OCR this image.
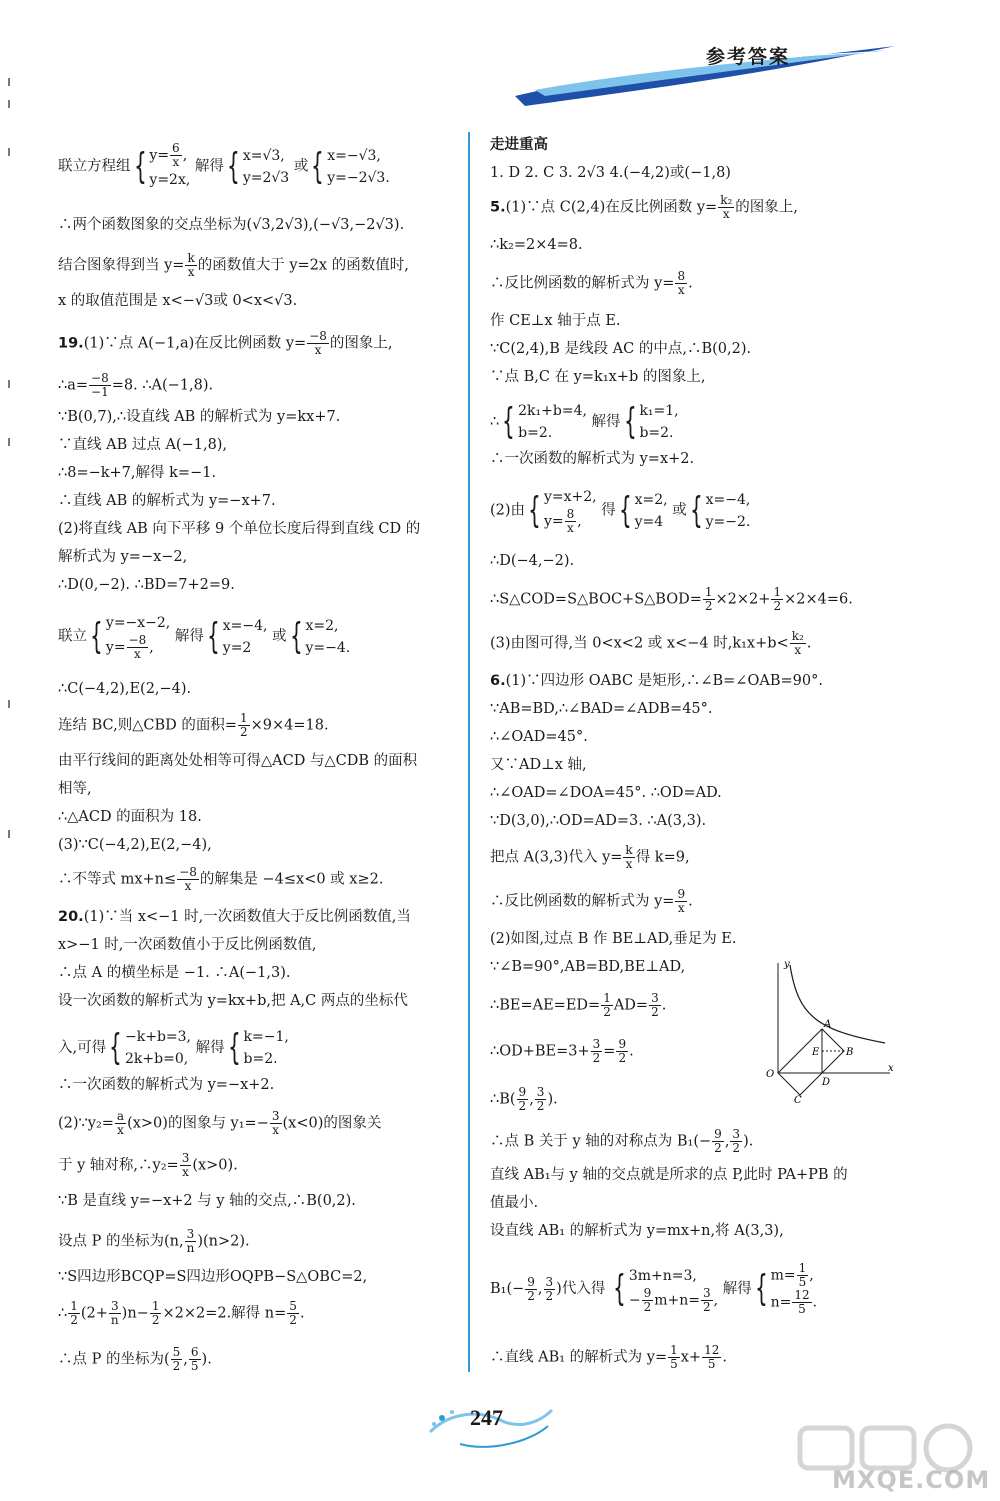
参考答案
联立方程组 { $y= \frac{6}{x}$ ,
y=2x,
解得 { x=√3,
y=2√3
或 { x=−√3,
y=−2√3.
∴两个函数图象的交点坐标为(√3,2√3),(−√3,−2√3).
结合图象得到当 $y= \frac{k}{x}$ 的函数值大于 y=2x 的函数值时,
x 的取值范围是 x<−√3或 0<x<√3.
19.(1)∵点 A(−1,a)在反比例函数 $y= \frac{-8}{x}$ 的图象上,
∴a= $\frac{-8}{-1} =8$. ∴A(−1,8).
∵B(0,7),∴设直线 AB 的解析式为 y=kx+7.
∵直线 AB 过点 A(−1,8),
∴8=−k+7,解得 k=−1.
∴直线 AB 的解析式为 y=−x+7.
(2)将直线 AB 向下平移 9 个单位长度后得到直线 CD 的
解析式为 y=−x−2,
∴D(0,−2). ∴BD=7+2=9.
联立 { y=−x−2,
$y= \frac{-8}{x}$ ,
解得 { x=−4,
y=2
或 { x=2,
y=−4.
∴C(−4,2),E(2,−4).
连结 BC,则△CBD 的面积= $\frac{1}{2} \times 9\times 4=18$.
由平行线间的距离处处相等可得△ACD 与△CDB 的面积
相等,
∴△ACD 的面积为 18.
(3)∵C(−4,2),E(2,−4),
∴不等式 $mx+n\le \frac{-8}{x}$ 的解集是 −4≤x<0 或 x≥2.
20.(1)∵当 x<−1 时,一次函数值大于反比例函数值,当
x>−1 时,一次函数值小于反比例函数值,
∴点 A 的横坐标是 −1. ∴A(−1,3).
设一次函数的解析式为 y=kx+b,把 A,C 两点的坐标代
入,可得 { −k+b=3,
2k+b=0,
解得 { k=−1,
b=2.
∴一次函数的解析式为 y=−x+2.
(2)∵y₂= $\frac{a}{x} (x>0)$的图象与 $y_1=- \frac{3}{x} (x<0)$的图象关
于 y 轴对称,∴y₂= $\frac{3}{x} (x>0)$.
∵B 是直线 y=−x+2 与 y 轴的交点,∴B(0,2).
设点 P 的坐标为(n, $\frac{3}{n} )(n>2)$.
∵S四边形BCQP=S四边形OQPB−S△OBC=2,
∴ $\frac{1}{2} (2+ \frac{3}{n} )n- \frac{1}{2} \times 2\times 2=2$.解得 $n= \frac{5}{2}$ .
∴点 P 的坐标为( $\frac{5}{2}$ , $\frac{6}{5}$ ).
走进重高
1. D 2. C 3. 2√3 4.(−4,2)或(−1,8)
5.(1)∵点 C(2,4)在反比例函数 $y= \frac{\text{k₂}}{x}$ 的图象上,
∴k₂=2×4=8.
∴反比例函数的解析式为 $y= \frac{8}{x}$ .
作 CE⊥x 轴于点 E.
∵C(2,4),B 是线段 AC 的中点,∴B(0,2).
∵点 B,C 在 y=k₁x+b 的图象上,
∴ { 2k₁+b=4,
b=2.
解得 { k₁=1,
b=2.
∴一次函数的解析式为 y=x+2.
(2)由 { y=x+2,
$y= \frac{8}{x}$ ,
得 { x=2,
y=4
或 { x=−4,
y=−2.
∴D(−4,−2).
∴S△COD=S△BOC+S△BOD= $\frac{1}{2} \times 2\times 2+ \frac{1}{2} \times 2\times 4=6$.
(3)由图可得,当 0<x<2 或 x<−4 时$,k_1x+b< \frac{\text{k₂}}{x}$ .
6.(1)∵四边形 OABC 是矩形,∴∠B=∠OAB=90°.
∵AB=BD,∴∠BAD=∠ADB=45°.
∴∠OAD=45°.
又∵AD⊥x 轴,
∴∠OAD=∠DOA=45°. ∴OD=AD.
∵D(3,0),∴OD=AD=3. ∴A(3,3).
把点 A(3,3)代入 $y= \frac{k}{x}$ 得 k=9,
∴反比例函数的解析式为 $y= \frac{9}{x}$ .
(2)如图,过点 B 作 BE⊥AD,垂足为 E.
∵∠B=90°,AB=BD,BE⊥AD,
∴BE=AE=ED= $\frac{1}{2} AD= \frac{3}{2}$ .
∴OD+BE=3+ $\frac{3}{2} = \frac{9}{2}$ .
∴B( $\frac{9}{2}$ , $\frac{3}{2}$ ).
∴点 B 关于 y 轴的对称点为 $B_1(- \frac{9}{2}$ , $\frac{3}{2}$ ).
直线 AB₁与 y 轴的交点就是所求的点 P,此时 PA+PB 的
值最小.
设直线 AB₁ 的解析式为 y=mx+n,将 A(3,3),
$B_1(- \frac{9}{2}$ , $\frac{3}{2}$ )代入得 { 3m+n=3,
− $\frac{9}{2} m+n= \frac{3}{2}$ ,
解得 { $m= \frac{1}{5}$ ,
$n= \frac{12}{5}$ .
∴直线 AB₁ 的解析式为 $y= \frac{1}{5} x+ \frac{12}{5}$ .
y
x
O
A
E	B
D
C
247
MXQE.COM
